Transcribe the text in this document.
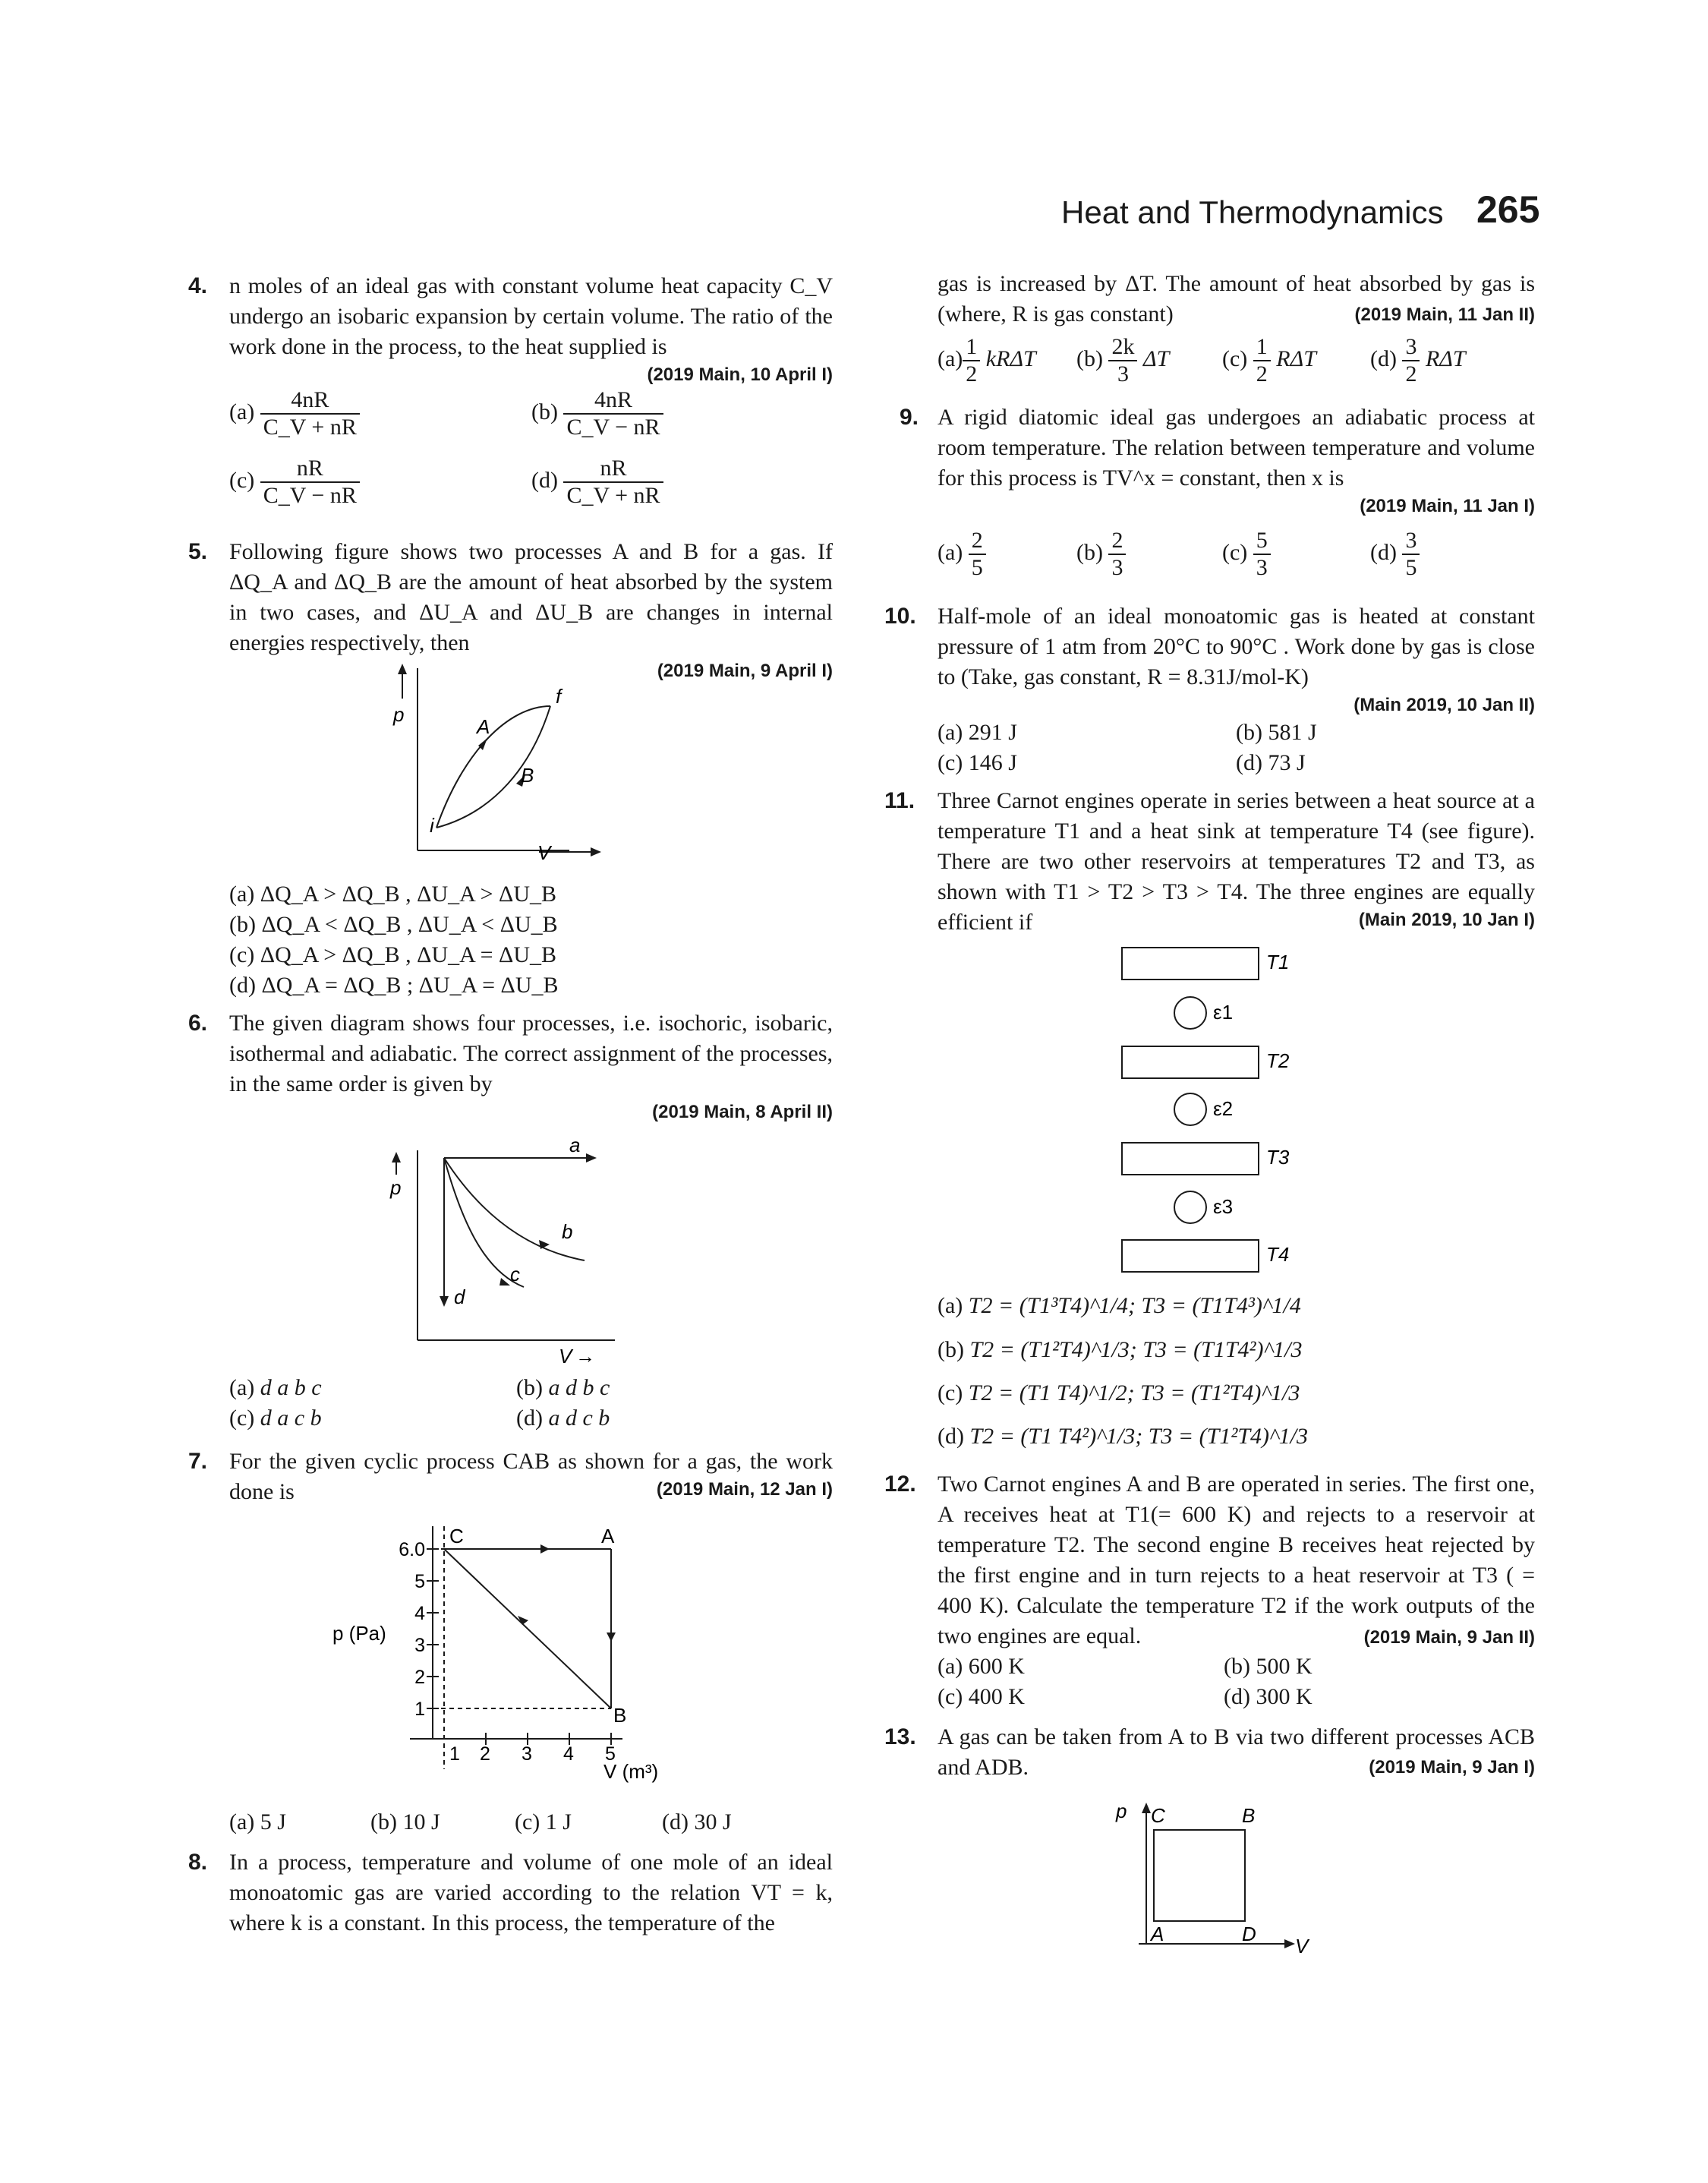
Heat and Thermodynamics 265
4. n moles of an ideal gas with constant volume heat capacity C_V undergo an isobaric expansion by certain volume. The ratio of the work done in the process, to the heat supplied is
(2019 Main, 10 April I)
$(a) \frac{4nR}{C\_V + nR}$	$(b) \frac{4nR}{C\_V - nR}$
$(c) \frac{nR}{C\_V - nR}$	$(d) \frac{nR}{C\_V + nR}$
5. Following figure shows two processes A and B for a gas. If ΔQ_A and ΔQ_B are the amount of heat absorbed by the system in two cases, and ΔU_A and ΔU_B are changes in internal energies respectively, then
(2019 Main, 9 April I)
p
V
A
B
i
f
(a) ΔQ_A > ΔQ_B , ΔU_A > ΔU_B
(b) ΔQ_A < ΔQ_B , ΔU_A < ΔU_B
(c) ΔQ_A > ΔQ_B , ΔU_A = ΔU_B
(d) ΔQ_A = ΔQ_B ; ΔU_A = ΔU_B
6. The given diagram shows four processes, i.e. isochoric, isobaric, isothermal and adiabatic. The correct assignment of the processes, in the same order is given by
(2019 Main, 8 April II)
p
a
b
c
d
V →
(a) d a b c	(b) a d b c
(c) d a c b	(d) a d c b
7. For the given cyclic process CAB as shown for a gas, the work done is	(2019 Main, 12 Jan I)
C	A
B
6.0
5
4
3
2
1
1 2 3 4 5
p (Pa)
V (m³)
(a) 5 J	(b) 10 J	(c) 1 J	(d) 30 J
8. In a process, temperature and volume of one mole of an ideal monoatomic gas are varied according to the relation VT = k, where k is a constant. In this process, the temperature of the
gas is increased by ΔT. The amount of heat absorbed by gas is (where, R is gas constant)	(2019 Main, 11 Jan II)
$(a) \frac{1}{2}$ kRΔT $(b) \frac{2k}{3}$ ΔT $(c) \frac{1}{2}$ RΔT $(d) \frac{3}{2}$ RΔT
9. A rigid diatomic ideal gas undergoes an adiabatic process at room temperature. The relation between temperature and volume for this process is TV^x = constant, then x is
(2019 Main, 11 Jan I)
$(a) \frac{2}{5}$	$(b) \frac{2}{3}$	$(c) \frac{5}{3}$	$(d) \frac{3}{5}$
10. Half-mole of an ideal monoatomic gas is heated at constant pressure of 1 atm from 20°C to 90°C . Work done by gas is close to (Take, gas constant, R = 8.31J/mol-K)
(Main 2019, 10 Jan II)
(a) 291 J	(b) 581 J
(c) 146 J	(d) 73 J
11. Three Carnot engines operate in series between a heat source at a temperature T1 and a heat sink at temperature T4 (see figure). There are two other reservoirs at temperatures T2 and T3, as shown with T1 > T2 > T3 > T4. The three engines are equally efficient if	(Main 2019, 10 Jan I)
T1
T2
T3
T4
ε1
ε2
ε3
(a) T2 = (T1³T4)^1/4; T3 = (T1T4³)^1/4
(b) T2 = (T1²T4)^1/3; T3 = (T1T4²)^1/3
(c) T2 = (T1 T4)^1/2; T3 = (T1²T4)^1/3
(d) T2 = (T1 T4²)^1/3; T3 = (T1²T4)^1/3
12. Two Carnot engines A and B are operated in series. The first one, A receives heat at T1(= 600 K) and rejects to a reservoir at temperature T2. The second engine B receives heat rejected by the first engine and in turn rejects to a heat reservoir at T3 ( = 400 K). Calculate the temperature T2 if the work outputs of the two engines are equal.	(2019 Main, 9 Jan II)
(a) 600 K	(b) 500 K
(c) 400 K	(d) 300 K
13. A gas can be taken from A to B via two different processes ACB and ADB.	(2019 Main, 9 Jan I)
p
V
C	B
A	D
